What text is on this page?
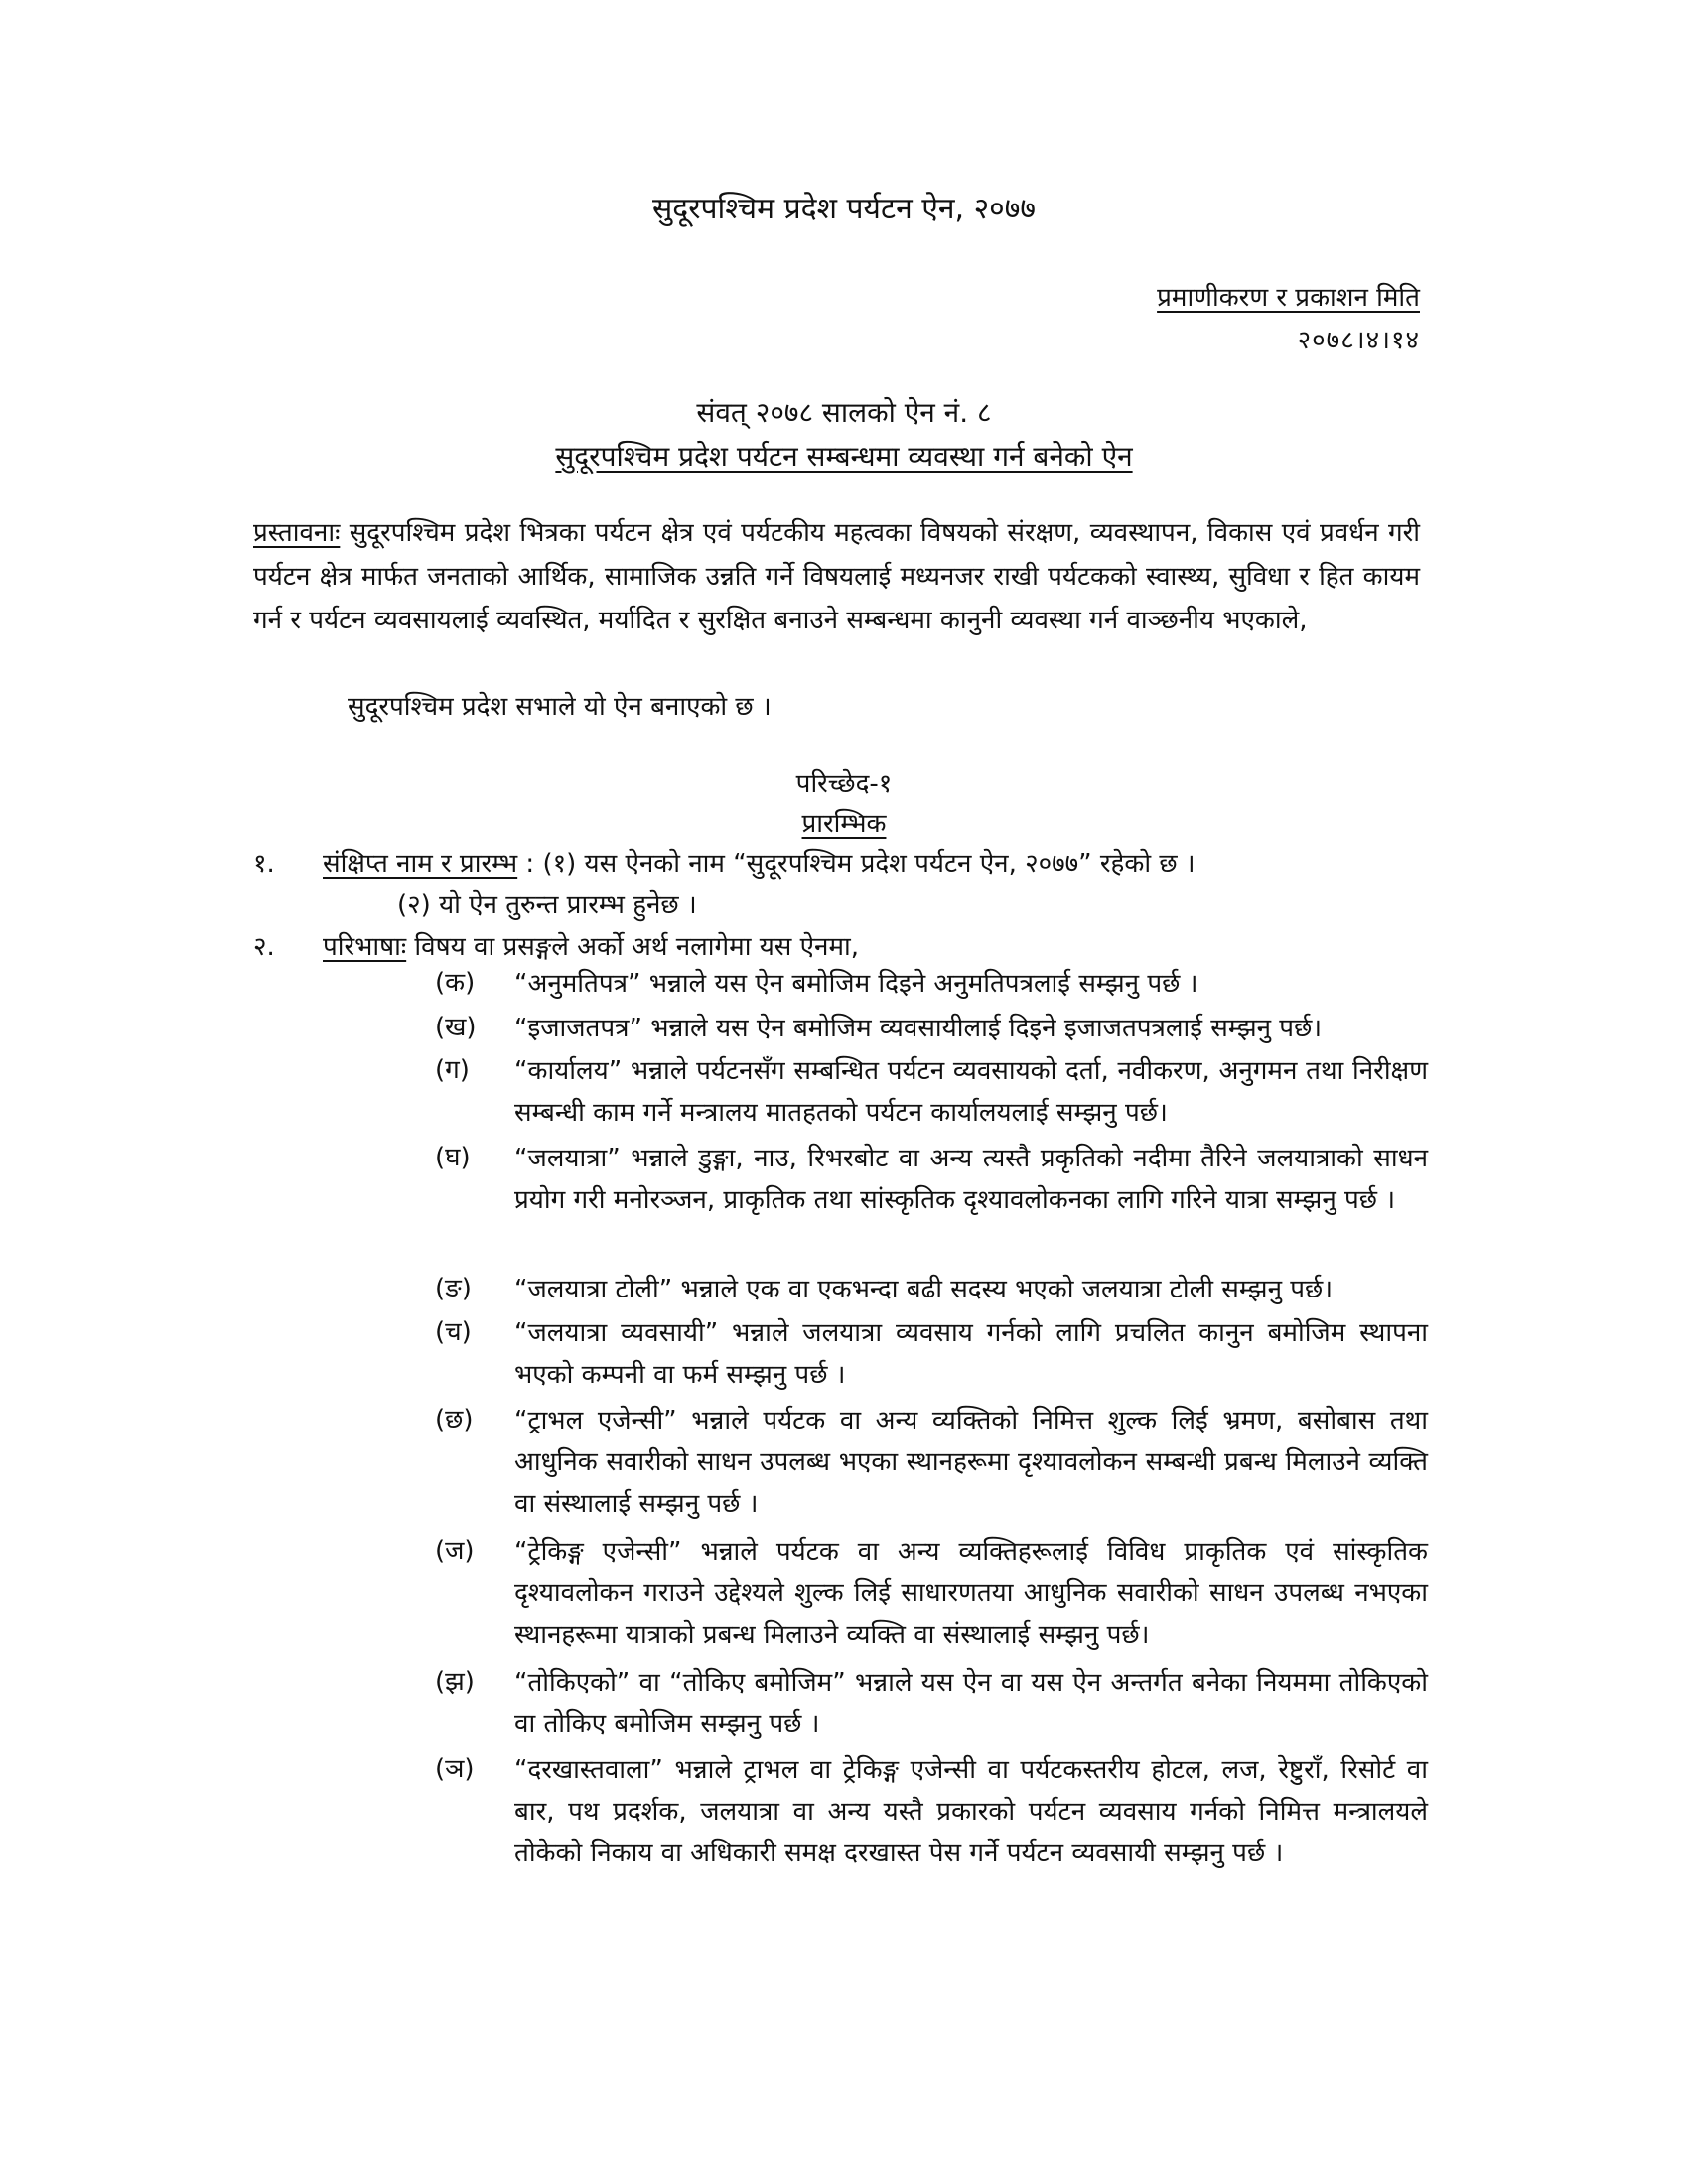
सुदूरपश्चिम प्रदेश पर्यटन ऐन, २०७७
प्रमाणीकरण र प्रकाशन मिति
२०७८।४।१४
संवत् २०७८ सालको ऐन नं. ८
सुदूरपश्चिम प्रदेश पर्यटन सम्बन्धमा व्यवस्था गर्न बनेको ऐन
प्रस्तावनाः सुदूरपश्चिम प्रदेश भित्रका पर्यटन क्षेत्र एवं पर्यटकीय महत्वका विषयको संरक्षण, व्यवस्थापन, विकास एवं प्रवर्धन गरी पर्यटन क्षेत्र मार्फत जनताको आर्थिक, सामाजिक उन्नति गर्ने विषयलाई मध्यनजर राखी पर्यटकको स्वास्थ्य, सुविधा र हित कायम गर्न र पर्यटन व्यवसायलाई व्यवस्थित, मर्यादित र सुरक्षित बनाउने सम्बन्धमा कानुनी व्यवस्था गर्न वाञ्छनीय भएकाले,
सुदूरपश्चिम प्रदेश सभाले यो ऐन बनाएको छ ।
परिच्छेद-१
प्रारम्भिक
१. संक्षिप्त नाम र प्रारम्भ : (१) यस ऐनको नाम “सुदूरपश्चिम प्रदेश पर्यटन ऐन, २०७७” रहेको छ ।
(२) यो ऐन तुरुन्त प्रारम्भ हुनेछ ।
२. परिभाषाः विषय वा प्रसङ्गले अर्को अर्थ नलागेमा यस ऐनमा,
(क)	“अनुमतिपत्र” भन्नाले यस ऐन बमोजिम दिइने अनुमतिपत्रलाई सम्झनु पर्छ ।
(ख)	“इजाजतपत्र” भन्नाले यस ऐन बमोजिम व्यवसायीलाई दिइने इजाजतपत्रलाई सम्झनु पर्छ।
(ग)	“कार्यालय” भन्नाले पर्यटनसँग सम्बन्धित पर्यटन व्यवसायको दर्ता, नवीकरण, अनुगमन तथा निरीक्षण सम्बन्धी काम गर्ने मन्त्रालय मातहतको पर्यटन कार्यालयलाई सम्झनु पर्छ।
(घ)	“जलयात्रा” भन्नाले डुङ्गा, नाउ, रिभरबोट वा अन्य त्यस्तै प्रकृतिको नदीमा तैरिने जलयात्राको साधन प्रयोग गरी मनोरञ्जन, प्राकृतिक तथा सांस्कृतिक दृश्यावलोकनका लागि गरिने यात्रा सम्झनु पर्छ ।
(ङ)	“जलयात्रा टोली” भन्नाले एक वा एकभन्दा बढी सदस्य भएको जलयात्रा टोली सम्झनु पर्छ।
(च)	“जलयात्रा व्यवसायी” भन्नाले जलयात्रा व्यवसाय गर्नको लागि प्रचलित कानुन बमोजिम स्थापना भएको कम्पनी वा फर्म सम्झनु पर्छ ।
(छ)	“ट्राभल एजेन्सी” भन्नाले पर्यटक वा अन्य व्यक्तिको निमित्त शुल्क लिई भ्रमण, बसोबास तथा आधुनिक सवारीको साधन उपलब्ध भएका स्थानहरूमा दृश्यावलोकन सम्बन्धी प्रबन्ध मिलाउने व्यक्ति वा संस्थालाई सम्झनु पर्छ ।
(ज)	“ट्रेकिङ्ग एजेन्सी” भन्नाले पर्यटक वा अन्य व्यक्तिहरूलाई विविध प्राकृतिक एवं सांस्कृतिक दृश्यावलोकन गराउने उद्देश्यले शुल्क लिई साधारणतया आधुनिक सवारीको साधन उपलब्ध नभएका स्थानहरूमा यात्राको प्रबन्ध मिलाउने व्यक्ति वा संस्थालाई सम्झनु पर्छ।
(झ)	“तोकिएको” वा “तोकिए बमोजिम” भन्नाले यस ऐन वा यस ऐन अन्तर्गत बनेका नियममा तोकिएको वा तोकिए बमोजिम सम्झनु पर्छ ।
(ञ)	“दरखास्तवाला” भन्नाले ट्राभल वा ट्रेकिङ्ग एजेन्सी वा पर्यटकस्तरीय होटल, लज, रेष्टुराँ, रिसोर्ट वा बार, पथ प्रदर्शक, जलयात्रा वा अन्य यस्तै प्रकारको पर्यटन व्यवसाय गर्नको निमित्त मन्त्रालयले तोकेको निकाय वा अधिकारी समक्ष दरखास्त पेस गर्ने पर्यटन व्यवसायी सम्झनु पर्छ ।
